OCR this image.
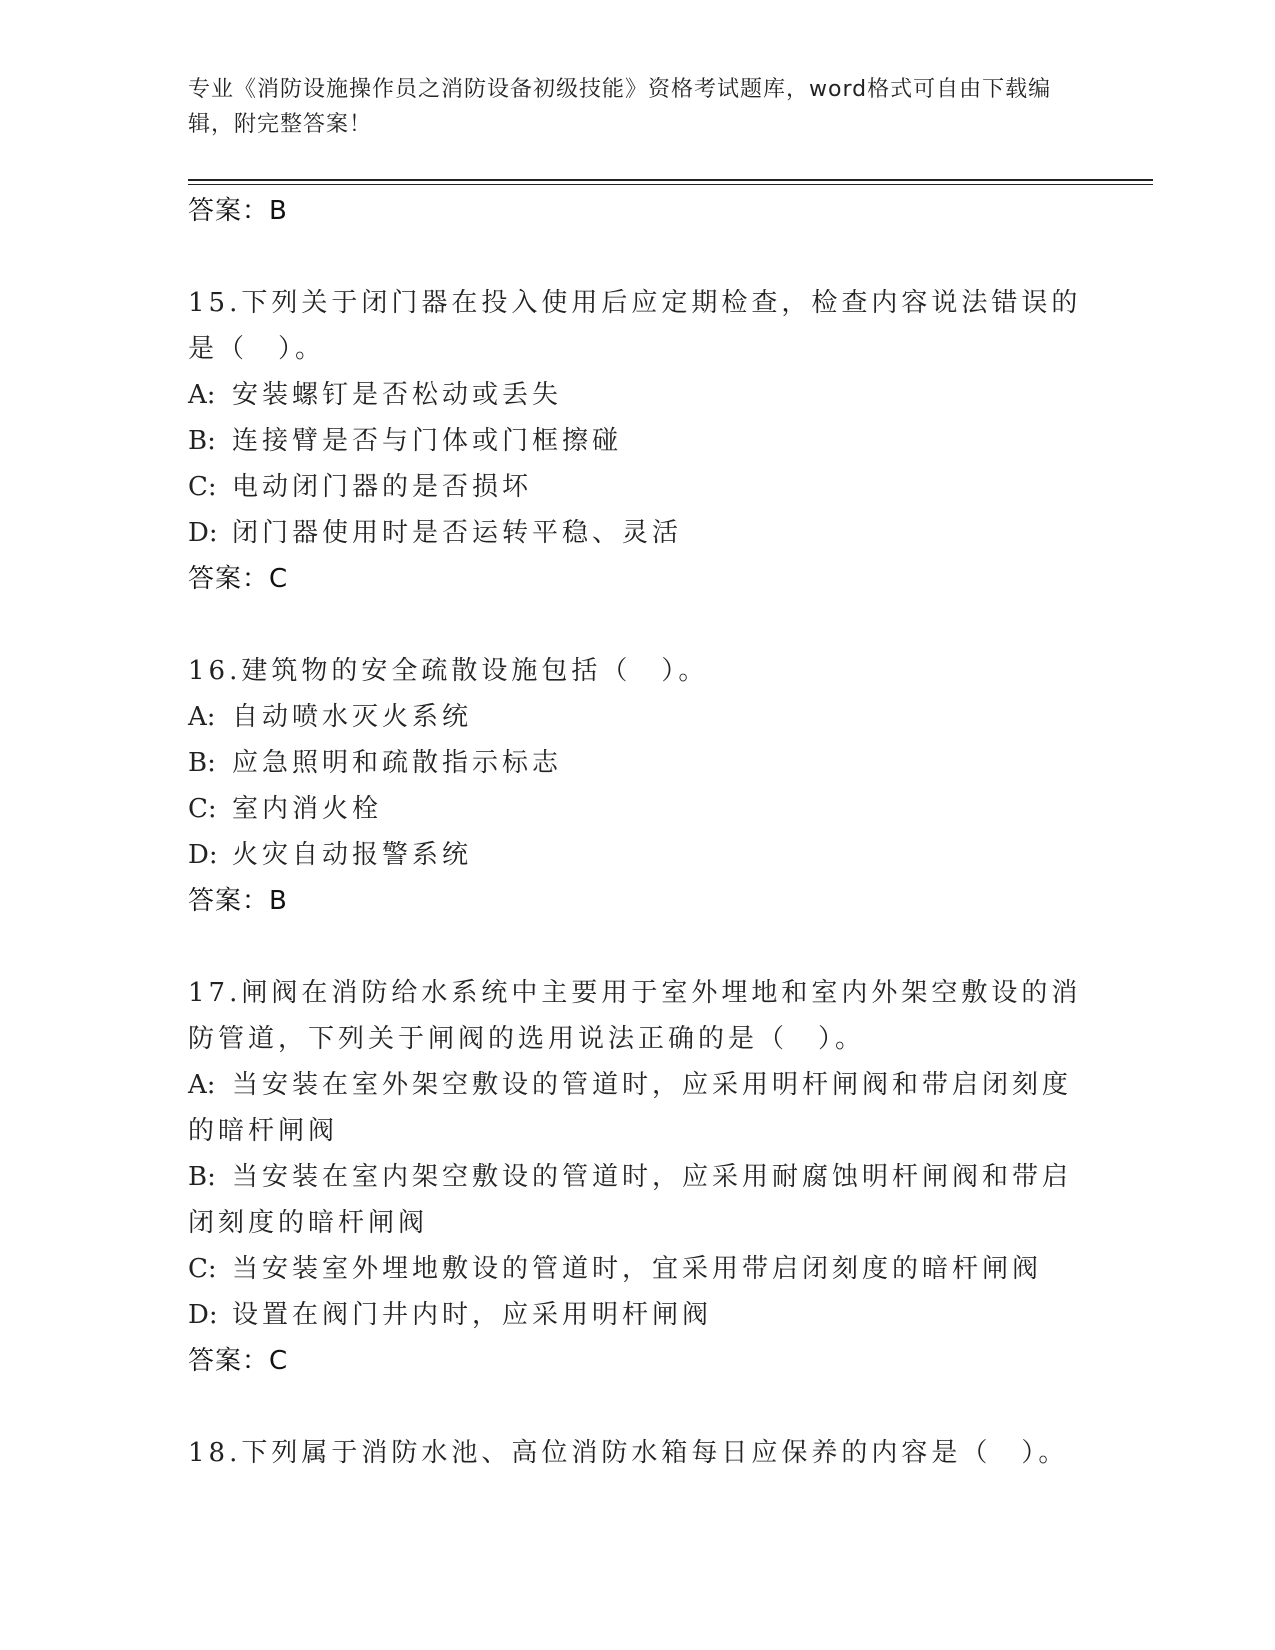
专业《消防设施操作员之消防设备初级技能》资格考试题库，word格式可自由下载编辑，附完整答案！
答案：B
15.下列关于闭门器在投入使用后应定期检查，检查内容说法错误的是（　）。
A: 安装螺钉是否松动或丢失
B: 连接臂是否与门体或门框擦碰
C: 电动闭门器的是否损坏
D: 闭门器使用时是否运转平稳、灵活
答案：C
16.建筑物的安全疏散设施包括（　）。
A: 自动喷水灭火系统
B: 应急照明和疏散指示标志
C: 室内消火栓
D: 火灾自动报警系统
答案：B
17.闸阀在消防给水系统中主要用于室外埋地和室内外架空敷设的消防管道，下列关于闸阀的选用说法正确的是（　）。
A: 当安装在室外架空敷设的管道时，应采用明杆闸阀和带启闭刻度的暗杆闸阀
B: 当安装在室内架空敷设的管道时，应采用耐腐蚀明杆闸阀和带启闭刻度的暗杆闸阀
C: 当安装室外埋地敷设的管道时，宜采用带启闭刻度的暗杆闸阀
D: 设置在阀门井内时，应采用明杆闸阀
答案：C
18.下列属于消防水池、高位消防水箱每日应保养的内容是（　）。
